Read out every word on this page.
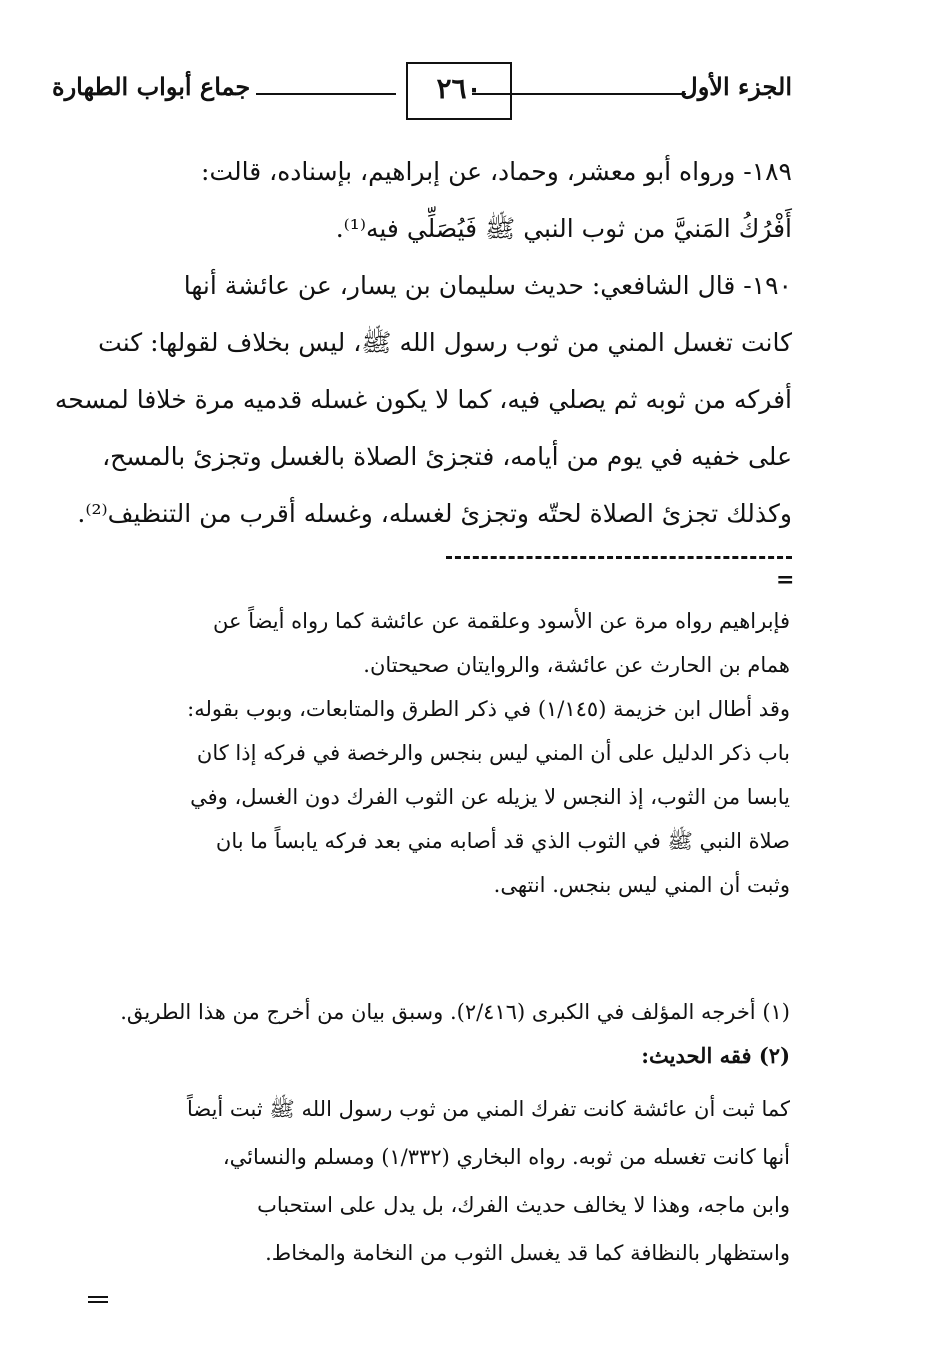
الجزء الأول
٢٦٠
جماع أبواب الطهارة

١٨٩- ورواه أبو معشر، وحماد، عن إبراهيم، بإسناده، قالت:

أَفْرُكُ المَنيَّ من ثوب النبي ﷺ فَيُصَلِّي فيه⁽¹⁾.

١٩٠- قال الشافعي: حديث سليمان بن يسار، عن عائشة أنها

كانت تغسل المني من ثوب رسول الله ﷺ، ليس بخلاف لقولها: كنت

أفركه من ثوبه ثم يصلي فيه، كما لا يكون غسله قدميه مرة خلافا لمسحه

على خفيه في يوم من أيامه، فتجزئ الصلاة بالغسل وتجزئ بالمسح،

وكذلك تجزئ الصلاة لحتّه وتجزئ لغسله، وغسله أقرب من التنظيف⁽²⁾.

=

فإبراهيم رواه مرة عن الأسود وعلقمة عن عائشة كما رواه أيضاً عن

همام بن الحارث عن عائشة، والروايتان صحيحتان.

وقد أطال ابن خزيمة (١/١٤٥) في ذكر الطرق والمتابعات، وبوب بقوله:

باب ذكر الدليل على أن المني ليس بنجس والرخصة في فركه إذا كان

يابسا من الثوب، إذ النجس لا يزيله عن الثوب الفرك دون الغسل، وفي

صلاة النبي ﷺ في الثوب الذي قد أصابه مني بعد فركه يابساً ما بان

وثبت أن المني ليس بنجس. انتهى.

(١) أخرجه المؤلف في الكبرى (٢/٤١٦). وسبق بيان من أخرج من هذا الطريق.

(٢) فقه الحديث:

كما ثبت أن عائشة كانت تفرك المني من ثوب رسول الله ﷺ ثبت أيضاً

أنها كانت تغسله من ثوبه. رواه البخاري (١/٣٣٢) ومسلم والنسائي،

وابن ماجه، وهذا لا يخالف حديث الفرك، بل يدل على استحباب

واستظهار بالنظافة كما قد يغسل الثوب من النخامة والمخاط.
